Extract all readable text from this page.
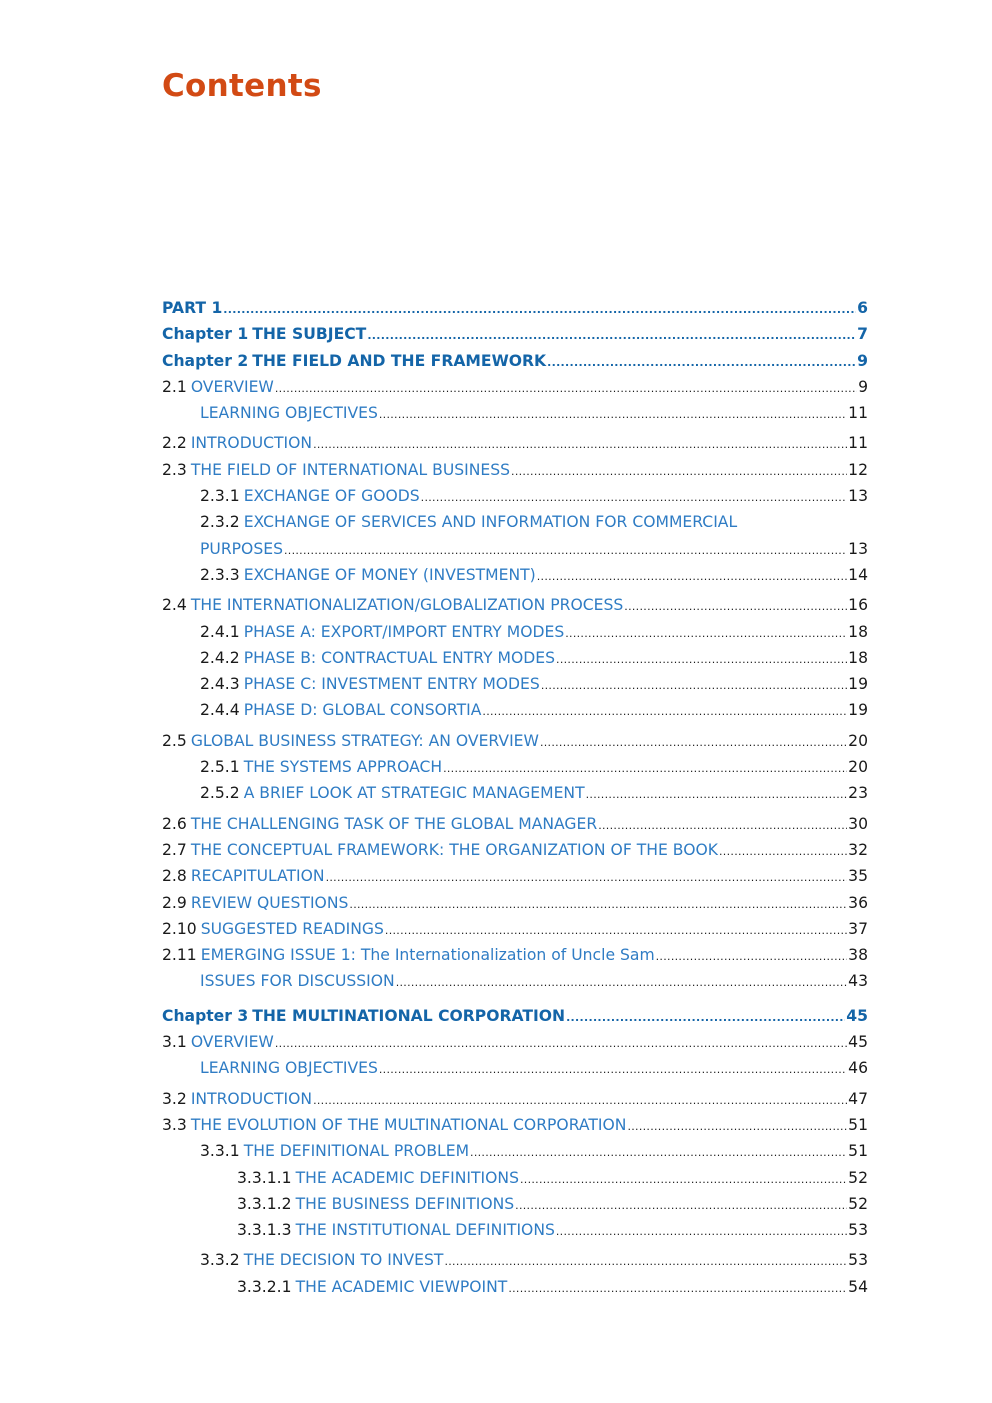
Contents
PART 1 .....	6
Chapter 1 THE SUBJECT .....	7
Chapter 2 THE FIELD AND THE FRAMEWORK .....	9
2.1 OVERVIEW .....	9
LEARNING OBJECTIVES .....	11
2.2 INTRODUCTION .....	11
2.3 THE FIELD OF INTERNATIONAL BUSINESS .....	12
2.3.1 EXCHANGE OF GOODS .....	13
2.3.2 EXCHANGE OF SERVICES AND INFORMATION FOR COMMERCIAL
PURPOSES .....	13
2.3.3 EXCHANGE OF MONEY (INVESTMENT) .....	14
2.4 THE INTERNATIONALIZATION/GLOBALIZATION PROCESS .....	16
2.4.1 PHASE A: EXPORT/IMPORT ENTRY MODES .....	18
2.4.2 PHASE B: CONTRACTUAL ENTRY MODES .....	18
2.4.3 PHASE C: INVESTMENT ENTRY MODES .....	19
2.4.4 PHASE D: GLOBAL CONSORTIA .....	19
2.5 GLOBAL BUSINESS STRATEGY: AN OVERVIEW .....	20
2.5.1 THE SYSTEMS APPROACH .....	20
2.5.2 A BRIEF LOOK AT STRATEGIC MANAGEMENT .....	23
2.6 THE CHALLENGING TASK OF THE GLOBAL MANAGER .....	30
2.7 THE CONCEPTUAL FRAMEWORK: THE ORGANIZATION OF THE BOOK .....	32
2.8 RECAPITULATION .....	35
2.9 REVIEW QUESTIONS .....	36
2.10 SUGGESTED READINGS .....	37
2.11 EMERGING ISSUE 1: The Internationalization of Uncle Sam .....	38
ISSUES FOR DISCUSSION .....	43
Chapter 3 THE MULTINATIONAL CORPORATION .....	45
3.1 OVERVIEW .....	45
LEARNING OBJECTIVES .....	46
3.2 INTRODUCTION .....	47
3.3 THE EVOLUTION OF THE MULTINATIONAL CORPORATION .....	51
3.3.1 THE DEFINITIONAL PROBLEM .....	51
3.3.1.1 THE ACADEMIC DEFINITIONS .....	52
3.3.1.2 THE BUSINESS DEFINITIONS .....	52
3.3.1.3 THE INSTITUTIONAL DEFINITIONS .....	53
3.3.2 THE DECISION TO INVEST .....	53
3.3.2.1 THE ACADEMIC VIEWPOINT .....	54
